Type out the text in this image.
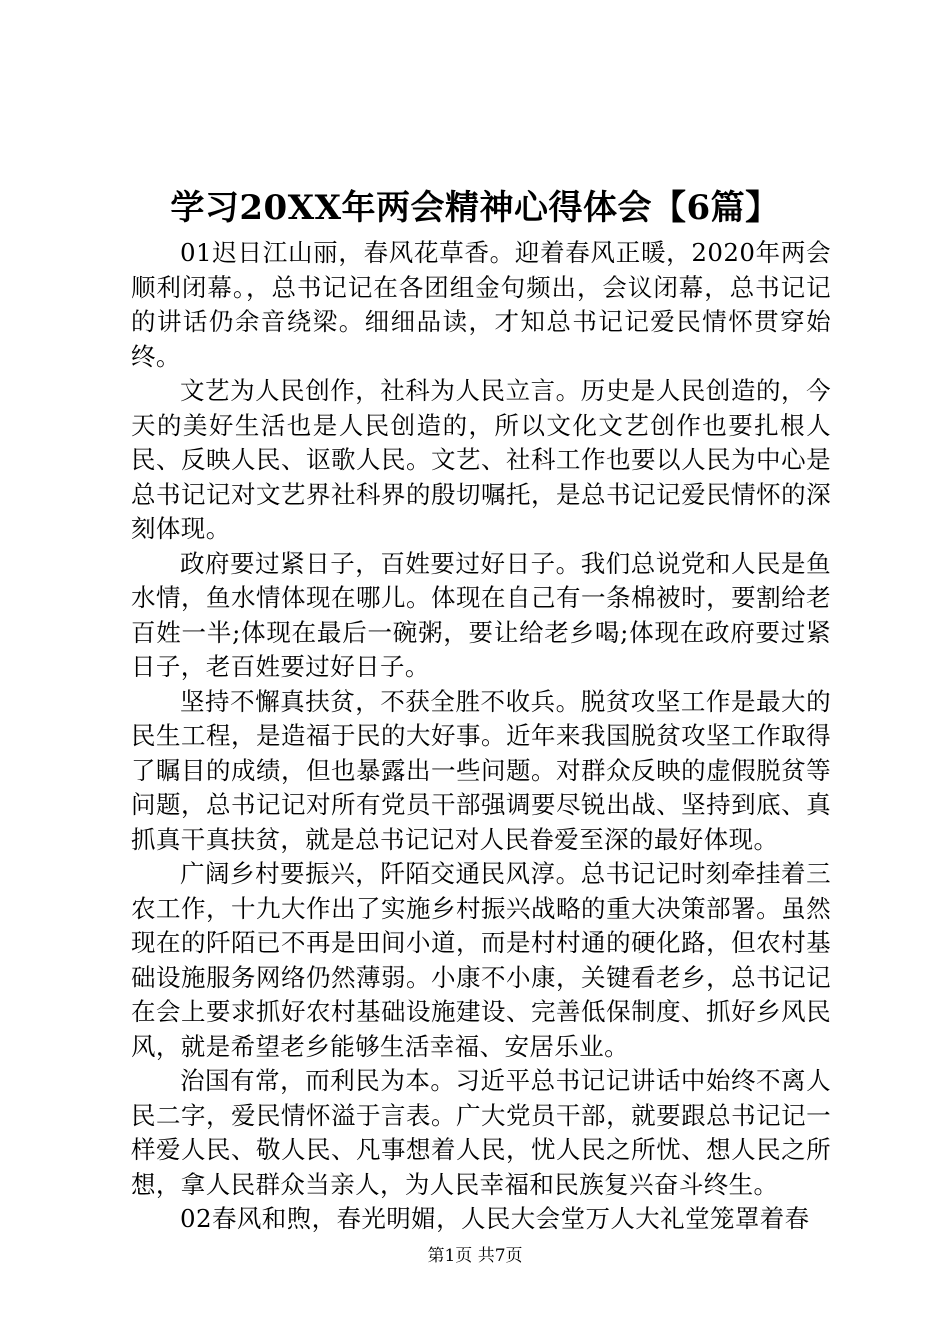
学习20XX年两会精神心得体会【6篇】

01迟日江山丽，春风花草香。迎着春风正暖，2020年两会顺利闭幕。，总书记记在各团组金句频出，会议闭幕，总书记记的讲话仍余音绕梁。细细品读，才知总书记记爱民情怀贯穿始终。

文艺为人民创作，社科为人民立言。历史是人民创造的，今天的美好生活也是人民创造的，所以文化文艺创作也要扎根人民、反映人民、讴歌人民。文艺、社科工作也要以人民为中心是总书记记对文艺界社科界的殷切嘱托，是总书记记爱民情怀的深刻体现。

政府要过紧日子，百姓要过好日子。我们总说党和人民是鱼水情，鱼水情体现在哪儿。体现在自己有一条棉被时，要割给老百姓一半;体现在最后一碗粥，要让给老乡喝;体现在政府要过紧日子，老百姓要过好日子。

坚持不懈真扶贫，不获全胜不收兵。脱贫攻坚工作是最大的民生工程，是造福于民的大好事。近年来我国脱贫攻坚工作取得了瞩目的成绩，但也暴露出一些问题。对群众反映的虚假脱贫等问题，总书记记对所有党员干部强调要尽锐出战、坚持到底、真抓真干真扶贫，就是总书记记对人民眷爱至深的最好体现。

广阔乡村要振兴，阡陌交通民风淳。总书记记时刻牵挂着三农工作，十九大作出了实施乡村振兴战略的重大决策部署。虽然现在的阡陌已不再是田间小道，而是村村通的硬化路，但农村基础设施服务网络仍然薄弱。小康不小康，关键看老乡，总书记记在会上要求抓好农村基础设施建设、完善低保制度、抓好乡风民风，就是希望老乡能够生活幸福、安居乐业。

治国有常，而利民为本。习近平总书记记讲话中始终不离人民二字，爱民情怀溢于言表。广大党员干部，就要跟总书记记一样爱人民、敬人民、凡事想着人民，忧人民之所忧、想人民之所想，拿人民群众当亲人，为人民幸福和民族复兴奋斗终生。

02春风和煦，春光明媚，人民大会堂万人大礼堂笼罩着春

第1页 共7页
